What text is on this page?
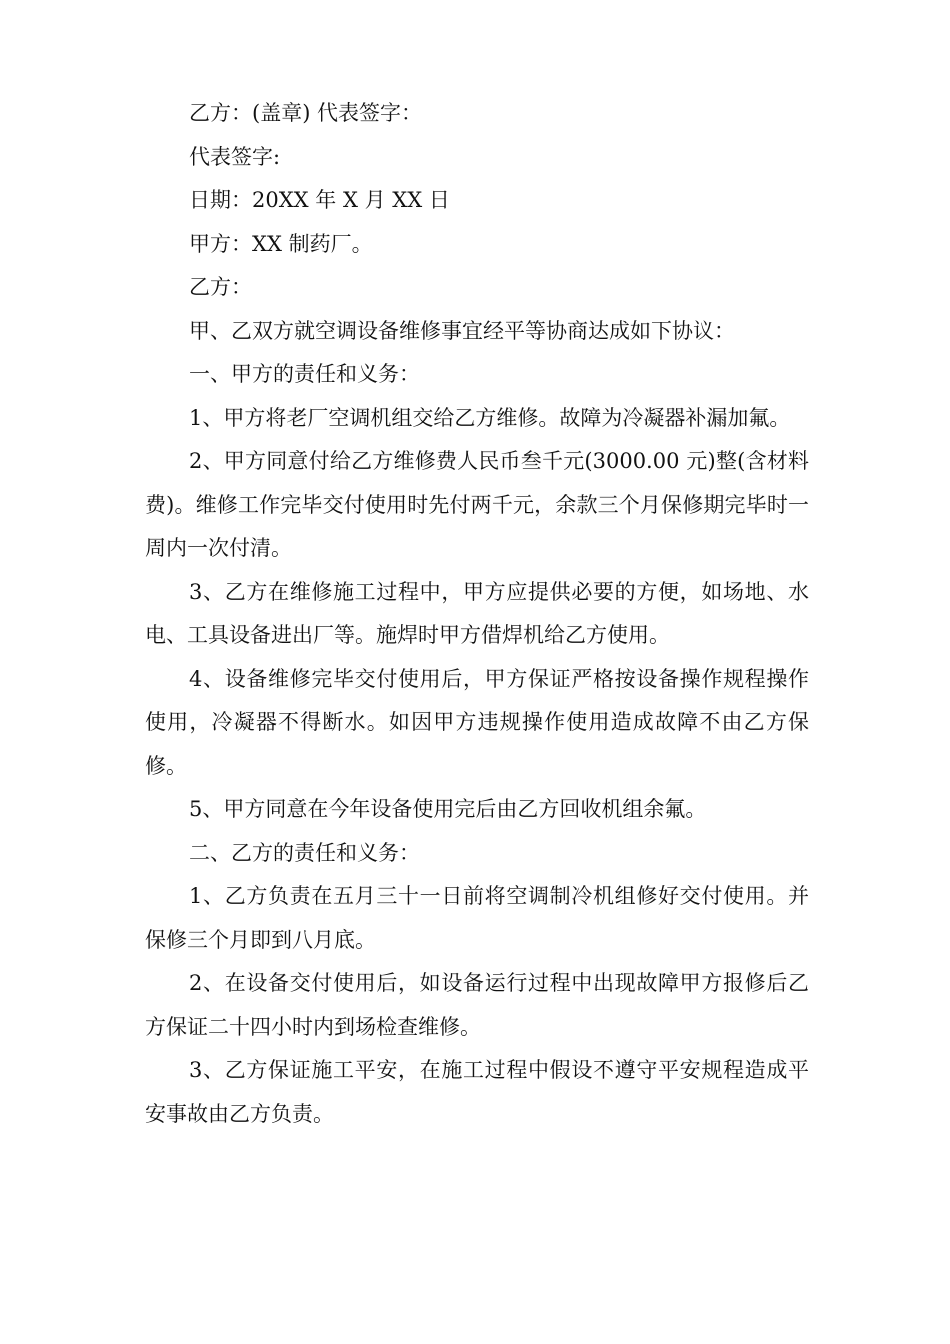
乙方：(盖章) 代表签字：

代表签字:

日期：20XX 年 X 月 XX 日

甲方：XX 制药厂。

乙方：

甲、乙双方就空调设备维修事宜经平等协商达成如下协议：

一、甲方的责任和义务：

1、甲方将老厂空调机组交给乙方维修。故障为冷凝器补漏加氟。

2、甲方同意付给乙方维修费人民币叁千元(3000.00 元)整(含材料费)。维修工作完毕交付使用时先付两千元，余款三个月保修期完毕时一周内一次付清。

3、乙方在维修施工过程中，甲方应提供必要的方便，如场地、水电、工具设备进出厂等。施焊时甲方借焊机给乙方使用。

4、设备维修完毕交付使用后，甲方保证严格按设备操作规程操作使用，冷凝器不得断水。如因甲方违规操作使用造成故障不由乙方保修。

5、甲方同意在今年设备使用完后由乙方回收机组余氟。

二、乙方的责任和义务：

1、乙方负责在五月三十一日前将空调制冷机组修好交付使用。并保修三个月即到八月底。

2、在设备交付使用后，如设备运行过程中出现故障甲方报修后乙方保证二十四小时内到场检查维修。

3、乙方保证施工平安，在施工过程中假设不遵守平安规程造成平安事故由乙方负责。
